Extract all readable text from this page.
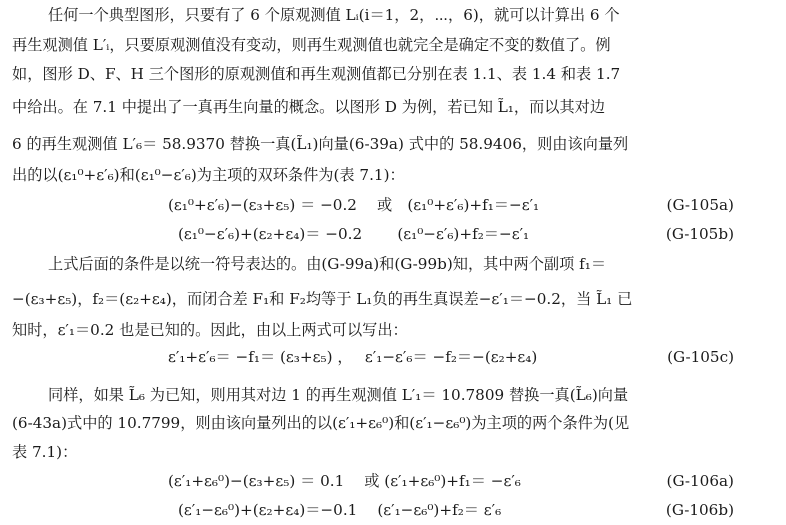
任何一个典型图形，只要有了 6 个原观测值 Lᵢ(i＝1，2，⋯，6)，就可以计算出 6 个
再生观测值 L′ᵢ，只要原观测值没有变动，则再生观测值也就完全是确定不变的数值了。例
如，图形 D、F、H 三个图形的原观测值和再生观测值都已分别在表 1.1、表 1.4 和表 1.7
中给出。在 7.1 中提出了一真再生向量的概念。以图形 D 为例，若已知 L̃₁，而以其对边
6 的再生观测值 L′₆＝ 58.9370 替换一真(L̃₁)向量(6-39a) 式中的 58.9406，则由该向量列
出的以(ε₁⁰+ε′₆)和(ε₁⁰−ε′₆)为主项的双环条件为(表 7.1)：
(ε₁⁰+ε′₆)−(ε₃+ε₅) ＝ −0.2　 或　(ε₁⁰+ε′₆)+f₁＝−ε′₁	(G-105a)
(ε₁⁰−ε′₆)+(ε₂+ε₄)＝ −0.2　　 (ε₁⁰−ε′₆)+f₂＝−ε′₁	(G-105b)
上式后面的条件是以统一符号表达的。由(G-99a)和(G-99b)知，其中两个副项 f₁＝
−(ε₃+ε₅)，f₂＝(ε₂+ε₄)，而闭合差 F₁和 F₂均等于 L₁负的再生真误差−ε′₁＝−0.2，当 L̃₁ 已
知时，ε′₁＝0.2 也是已知的。因此，由以上两式可以写出：
ε′₁+ε′₆＝ −f₁＝ (ε₃+ε₅) ，　 ε′₁−ε′₆＝ −f₂＝−(ε₂+ε₄)	(G-105c)
同样，如果 L̃₆ 为已知，则用其对边 1 的再生观测值 L′₁＝ 10.7809 替换一真(L̃₆)向量
(6-43a)式中的 10.7799，则由该向量列出的以(ε′₁+ε₆⁰)和(ε′₁−ε₆⁰)为主项的两个条件为(见
表 7.1)：
(ε′₁+ε₆⁰)−(ε₃+ε₅) ＝ 0.1　 或 (ε′₁+ε₆⁰)+f₁＝ −ε′₆	(G-106a)
(ε′₁−ε₆⁰)+(ε₂+ε₄)＝−0.1　 (ε′₁−ε₆⁰)+f₂＝ ε′₆	(G-106b)
